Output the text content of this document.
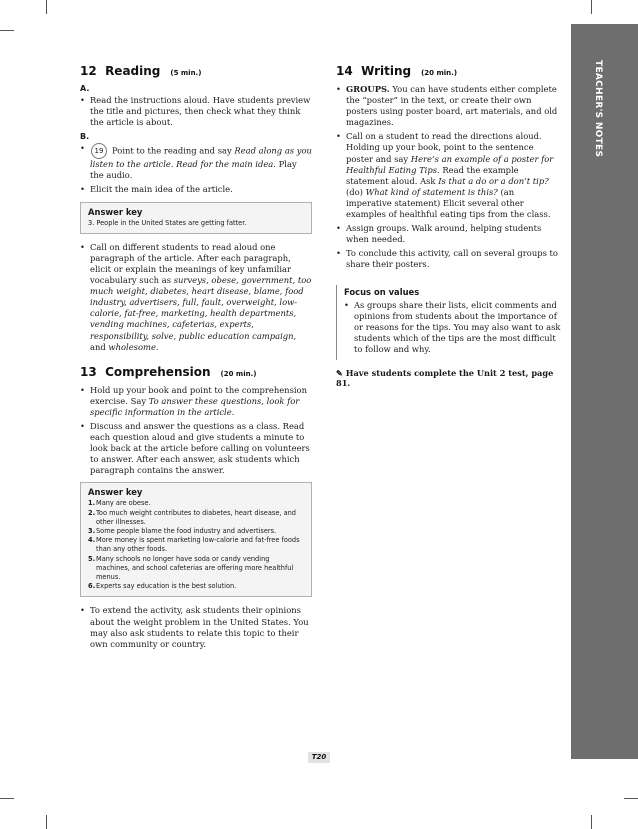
TEACHER'S NOTES
12 Reading (5 min.)
A.
• Read the instructions aloud. Have students preview the title and pictures, then check what they think the article is about.
B.
• 19 Point to the reading and say Read along as you listen to the article. Read for the main idea. Play the audio.
• Elicit the main idea of the article.
Answer key
3. People in the United States are getting fatter.
• Call on different students to read aloud one paragraph of the article. After each paragraph, elicit or explain the meanings of key unfamiliar vocabulary such as surveys, obese, government, too much weight, diabetes, heart disease, blame, food industry, advertisers, full, fault, overweight, low-calorie, fat-free, marketing, health departments, vending machines, cafeterias, experts, responsibility, solve, public education campaign, and wholesome.
13 Comprehension (20 min.)
• Hold up your book and point to the comprehension exercise. Say To answer these questions, look for specific information in the article.
• Discuss and answer the questions as a class. Read each question aloud and give students a minute to look back at the article before calling on volunteers to answer. After each answer, ask students which paragraph contains the answer.
Answer key
1. Many are obese.
2. Too much weight contributes to diabetes, heart disease, and other illnesses.
3. Some people blame the food industry and advertisers.
4. More money is spent marketing low-calorie and fat-free foods than any other foods.
5. Many schools no longer have soda or candy vending machines, and school cafeterias are offering more healthful menus.
6. Experts say education is the best solution.
• To extend the activity, ask students their opinions about the weight problem in the United States. You may also ask students to relate this topic to their own community or country.
14 Writing (20 min.)
• GROUPS. You can have students either complete the “poster” in the text, or create their own posters using poster board, art materials, and old magazines.
• Call on a student to read the directions aloud. Holding up your book, point to the sentence poster and say Here’s an example of a poster for Healthful Eating Tips. Read the example statement aloud. Ask Is that a do or a don’t tip? (do) What kind of statement is this? (an imperative statement) Elicit several other examples of healthful eating tips from the class.
• Assign groups. Walk around, helping students when needed.
• To conclude this activity, call on several groups to share their posters.
Focus on values
• As groups share their lists, elicit comments and opinions from students about the importance of or reasons for the tips. You may also want to ask students which of the tips are the most difficult to follow and why.
✎ Have students complete the Unit 2 test, page 81.
T20
